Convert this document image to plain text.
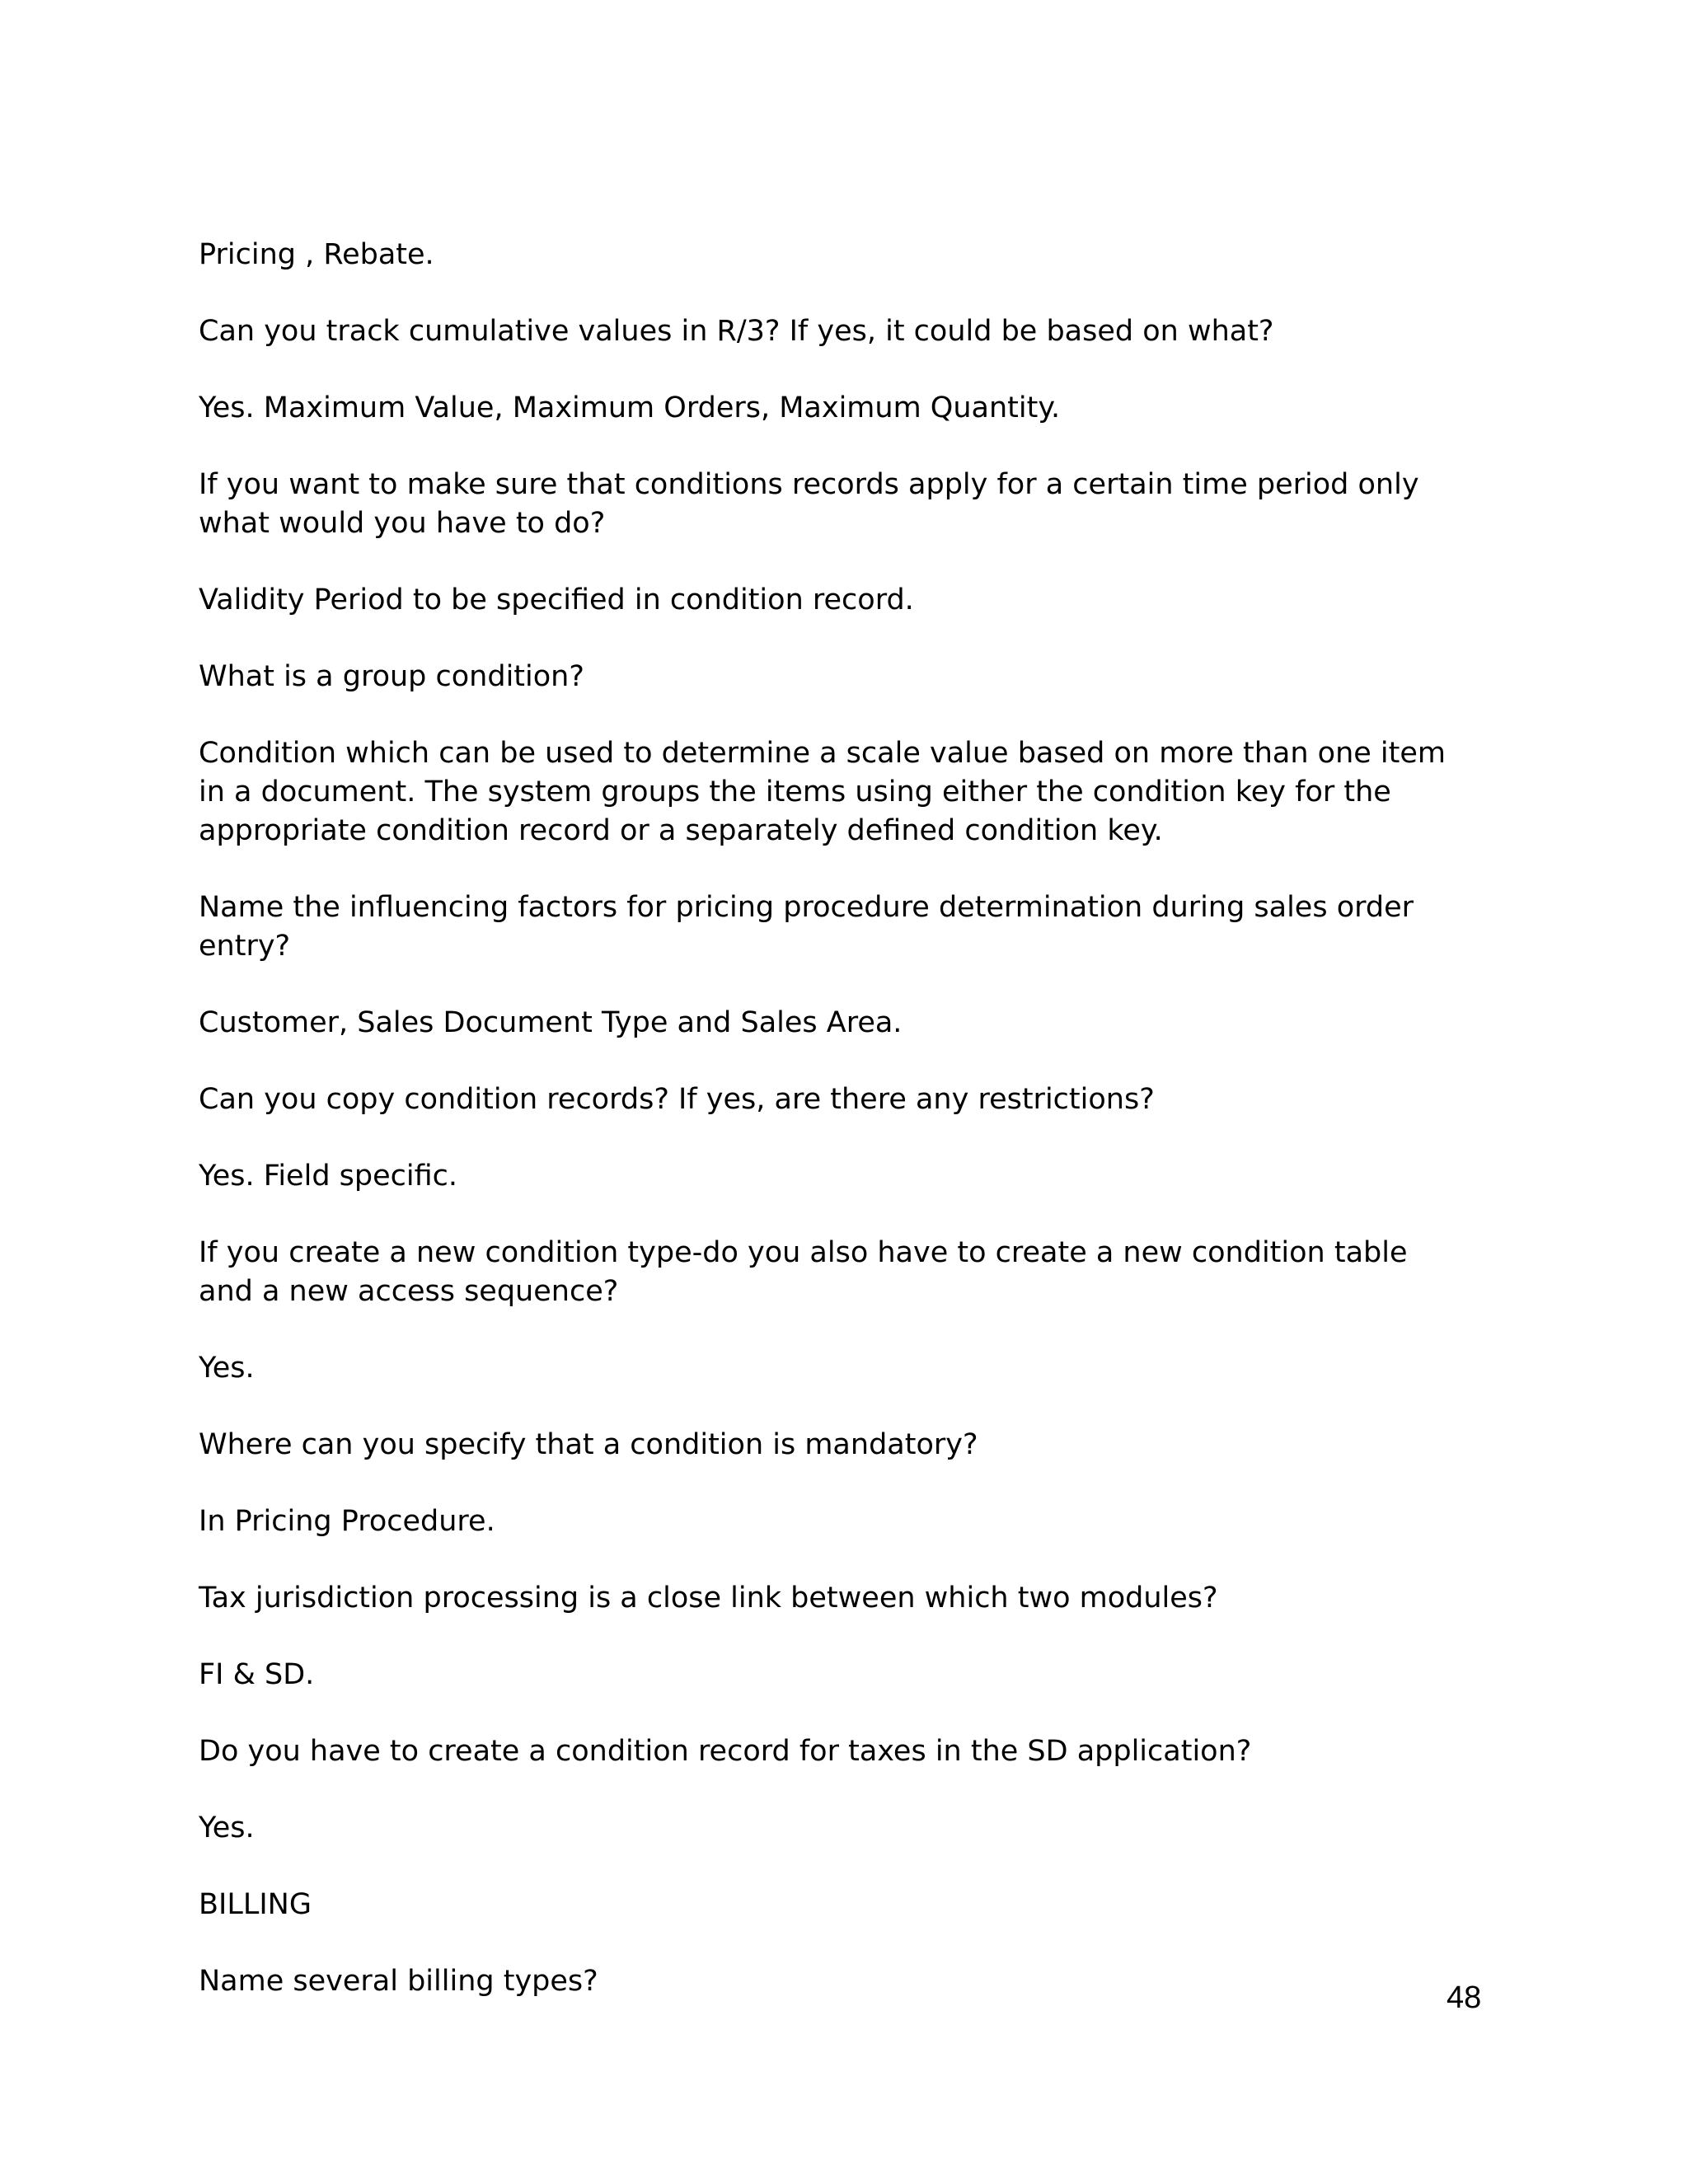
Pricing , Rebate.

Can you track cumulative values in R/3? If yes, it could be based on what?

Yes. Maximum Value, Maximum Orders, Maximum Quantity.

If you want to make sure that conditions records apply for a certain time period only what would you have to do?

Validity Period to be specified in condition record.

What is a group condition?

Condition which can be used to determine a scale value based on more than one item in a document. The system groups the items using either the condition key for the appropriate condition record or a separately defined condition key.

Name the influencing factors for pricing procedure determination during sales order entry?

Customer, Sales Document Type and Sales Area.

Can you copy condition records? If yes, are there any restrictions?

Yes. Field specific.

If you create a new condition type-do you also have to create a new condition table and a new access sequence?

Yes.

Where can you specify that a condition is mandatory?

In Pricing Procedure.

Tax jurisdiction processing is a close link between which two modules?

FI & SD.

Do you have to create a condition record for taxes in the SD application?

Yes.

BILLING

Name several billing types?	48
